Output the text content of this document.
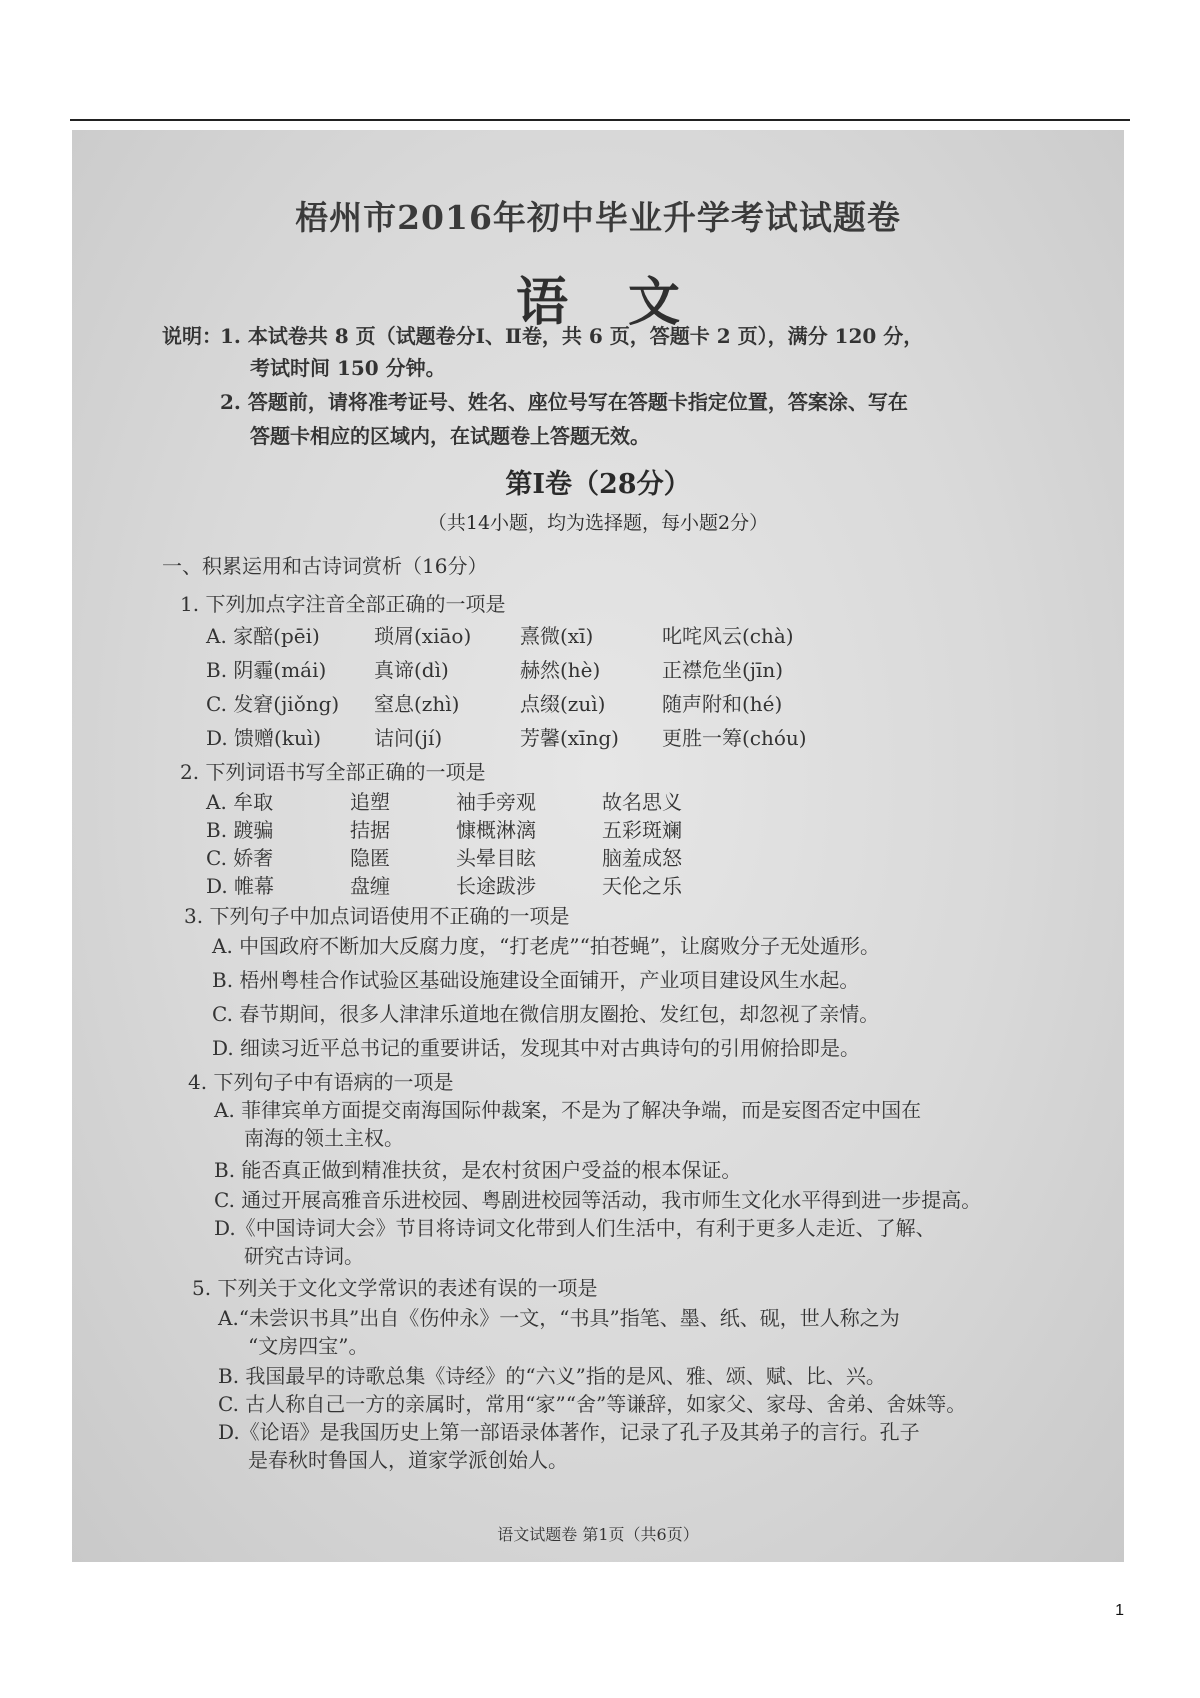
梧州市2016年初中毕业升学考试试题卷
语文
说明：
1. 本试卷共 8 页（试题卷分Ⅰ、Ⅱ卷，共 6 页，答题卡 2 页），满分 120 分，
考试时间 150 分钟。
2. 答题前，请将准考证号、姓名、座位号写在答题卡指定位置，答案涂、写在
答题卡相应的区域内，在试题卷上答题无效。
第Ⅰ卷（28分）
（共14小题，均为选择题，每小题2分）
一、积累运用和古诗词赏析（16分）
1. 下列加点字注音全部正确的一项是
A. 家醅(pēi)	琐屑(xiāo) 熹微(xī)	叱咤风云(chà)
B. 阴霾(mái) 真谛(dì)	赫然(hè)	正襟危坐(jīn)
C. 发窘(jiǒng) 窒息(zhì)	点缀(zuì)	随声附和(hé)
D. 馈赠(kuì)	诘问(jí)	芳馨(xīng) 更胜一筹(chóu)
2. 下列词语书写全部正确的一项是
A. 牟取	追塑	袖手旁观	故名思义
B. 踱骗	拮据	慷概淋漓	五彩斑斓
C. 娇奢	隐匿	头晕目眩	脑羞成怒
D. 帷幕	盘缠	长途跋涉	天伦之乐
3. 下列句子中加点词语使用不正确的一项是
A. 中国政府不断加大反腐力度，“打老虎”“拍苍蝇”，让腐败分子无处遁形。
B. 梧州粤桂合作试验区基础设施建设全面铺开，产业项目建设风生水起。
C. 春节期间，很多人津津乐道地在微信朋友圈抢、发红包，却忽视了亲情。
D. 细读习近平总书记的重要讲话，发现其中对古典诗句的引用俯拾即是。
4. 下列句子中有语病的一项是
A. 菲律宾单方面提交南海国际仲裁案，不是为了解决争端，而是妄图否定中国在
南海的领土主权。
B. 能否真正做到精准扶贫，是农村贫困户受益的根本保证。
C. 通过开展高雅音乐进校园、粤剧进校园等活动，我市师生文化水平得到进一步提高。
D.《中国诗词大会》节目将诗词文化带到人们生活中，有利于更多人走近、了解、
研究古诗词。
5. 下列关于文化文学常识的表述有误的一项是
A.“未尝识书具”出自《伤仲永》一文，“书具”指笔、墨、纸、砚，世人称之为
“文房四宝”。
B. 我国最早的诗歌总集《诗经》的“六义”指的是风、雅、颂、赋、比、兴。
C. 古人称自己一方的亲属时，常用“家”“舍”等谦辞，如家父、家母、舍弟、舍妹等。
D.《论语》是我国历史上第一部语录体著作，记录了孔子及其弟子的言行。孔子
是春秋时鲁国人，道家学派创始人。
语文试题卷 第1页（共6页）
1
